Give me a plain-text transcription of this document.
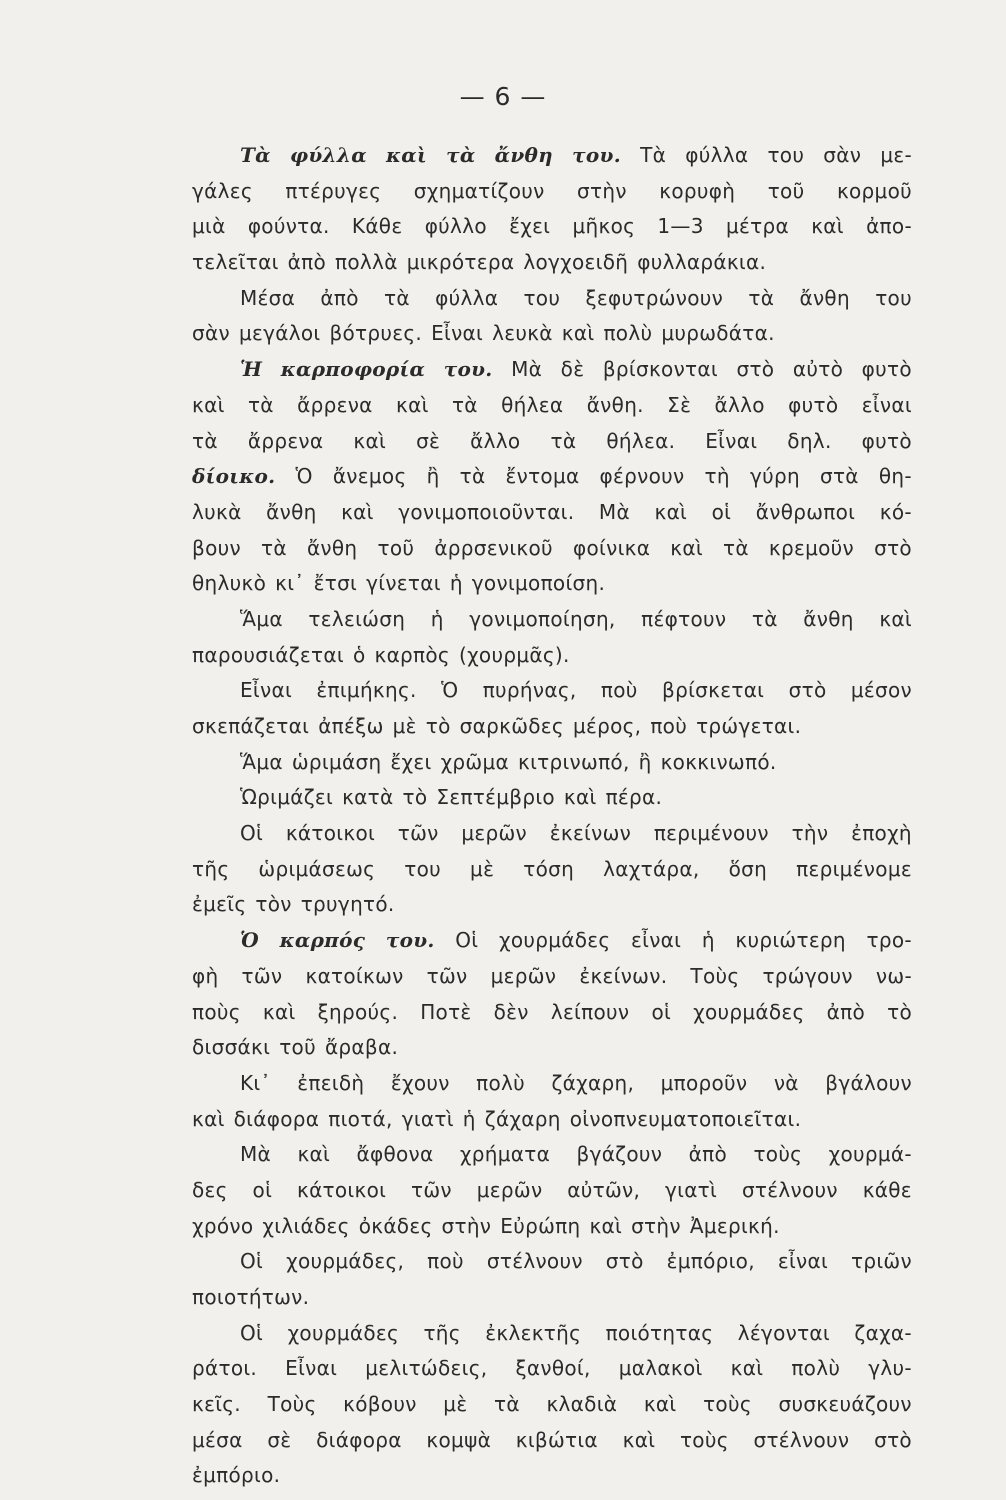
— 6 —
Τὰ φύλλα καὶ τὰ ἄνθη του. Τὰ φύλλα του σὰν με-
γάλες πτέρυγες σχηματίζουν στὴν κορυφὴ τοῦ κορμοῦ
μιὰ φούντα. Κάθε φύλλο ἔχει μῆκος 1—3 μέτρα καὶ ἀπο-
τελεῖται ἀπὸ πολλὰ μικρότερα λογχοειδῆ φυλλαράκια.
Μέσα ἀπὸ τὰ φύλλα του ξεφυτρώνουν τὰ ἄνθη του
σὰν μεγάλοι βότρυες. Εἶναι λευκὰ καὶ πολὺ μυρωδάτα.
Ἡ καρποφορία του. Μὰ δὲ βρίσκονται στὸ αὐτὸ φυτὸ
καὶ τὰ ἄρρενα καὶ τὰ θήλεα ἄνθη. Σὲ ἄλλο φυτὸ εἶναι
τὰ ἄρρενα καὶ σὲ ἄλλο τὰ θήλεα. Εἶναι δηλ. φυτὸ
δίοικο. Ὁ ἄνεμος ἢ τὰ ἔντομα φέρνουν τὴ γύρη στὰ θη-
λυκὰ ἄνθη καὶ γονιμοποιοῦνται. Μὰ καὶ οἱ ἄνθρωποι κό-
βουν τὰ ἄνθη τοῦ ἀρρσενικοῦ φοίνικα καὶ τὰ κρεμοῦν στὸ
θηλυκὸ κι᾽ ἔτσι γίνεται ἡ γονιμοποίση.
Ἅμα τελειώση ἡ γονιμοποίηση, πέφτουν τὰ ἄνθη καὶ
παρουσιάζεται ὁ καρπὸς (χουρμᾶς).
Εἶναι ἐπιμήκης. Ὁ πυρήνας, ποὺ βρίσκεται στὸ μέσον
σκεπάζεται ἀπέξω μὲ τὸ σαρκῶδες μέρος, ποὺ τρώγεται.
Ἅμα ὡριμάση ἔχει χρῶμα κιτρινωπό, ἢ κοκκινωπό.
Ὡριμάζει κατὰ τὸ Σεπτέμβριο καὶ πέρα.
Οἱ κάτοικοι τῶν μερῶν ἐκείνων περιμένουν τὴν ἐποχὴ
τῆς ὡριμάσεως του μὲ τόση λαχτάρα, ὅση περιμένομε
ἐμεῖς τὸν τρυγητό.
Ὁ καρπός του. Οἱ χουρμάδες εἶναι ἡ κυριώτερη τρο-
φὴ τῶν κατοίκων τῶν μερῶν ἐκείνων. Τοὺς τρώγουν νω-
ποὺς καὶ ξηρούς. Ποτὲ δὲν λείπουν οἱ χουρμάδες ἀπὸ τὸ
δισσάκι τοῦ ἄραβα.
Κι᾽ ἐπειδὴ ἔχουν πολὺ ζάχαρη, μποροῦν νὰ βγάλουν
καὶ διάφορα πιοτά, γιατὶ ἡ ζάχαρη οἰνοπνευματοποιεῖται.
Μὰ καὶ ἄφθονα χρήματα βγάζουν ἀπὸ τοὺς χουρμά-
δες οἱ κάτοικοι τῶν μερῶν αὐτῶν, γιατὶ στέλνουν κάθε
χρόνο χιλιάδες ὀκάδες στὴν Εὐρώπη καὶ στὴν Ἀμερική.
Οἱ χουρμάδες, ποὺ στέλνουν στὸ ἐμπόριο, εἶναι τριῶν
ποιοτήτων.
Οἱ χουρμάδες τῆς ἐκλεκτῆς ποιότητας λέγονται ζαχα-
ράτοι. Εἶναι μελιτώδεις, ξανθοί, μαλακοὶ καὶ πολὺ γλυ-
κεῖς. Τοὺς κόβουν μὲ τὰ κλαδιὰ καὶ τοὺς συσκευάζουν
μέσα σὲ διάφορα κομψὰ κιβώτια καὶ τοὺς στέλνουν στὸ
ἐμπόριο.
